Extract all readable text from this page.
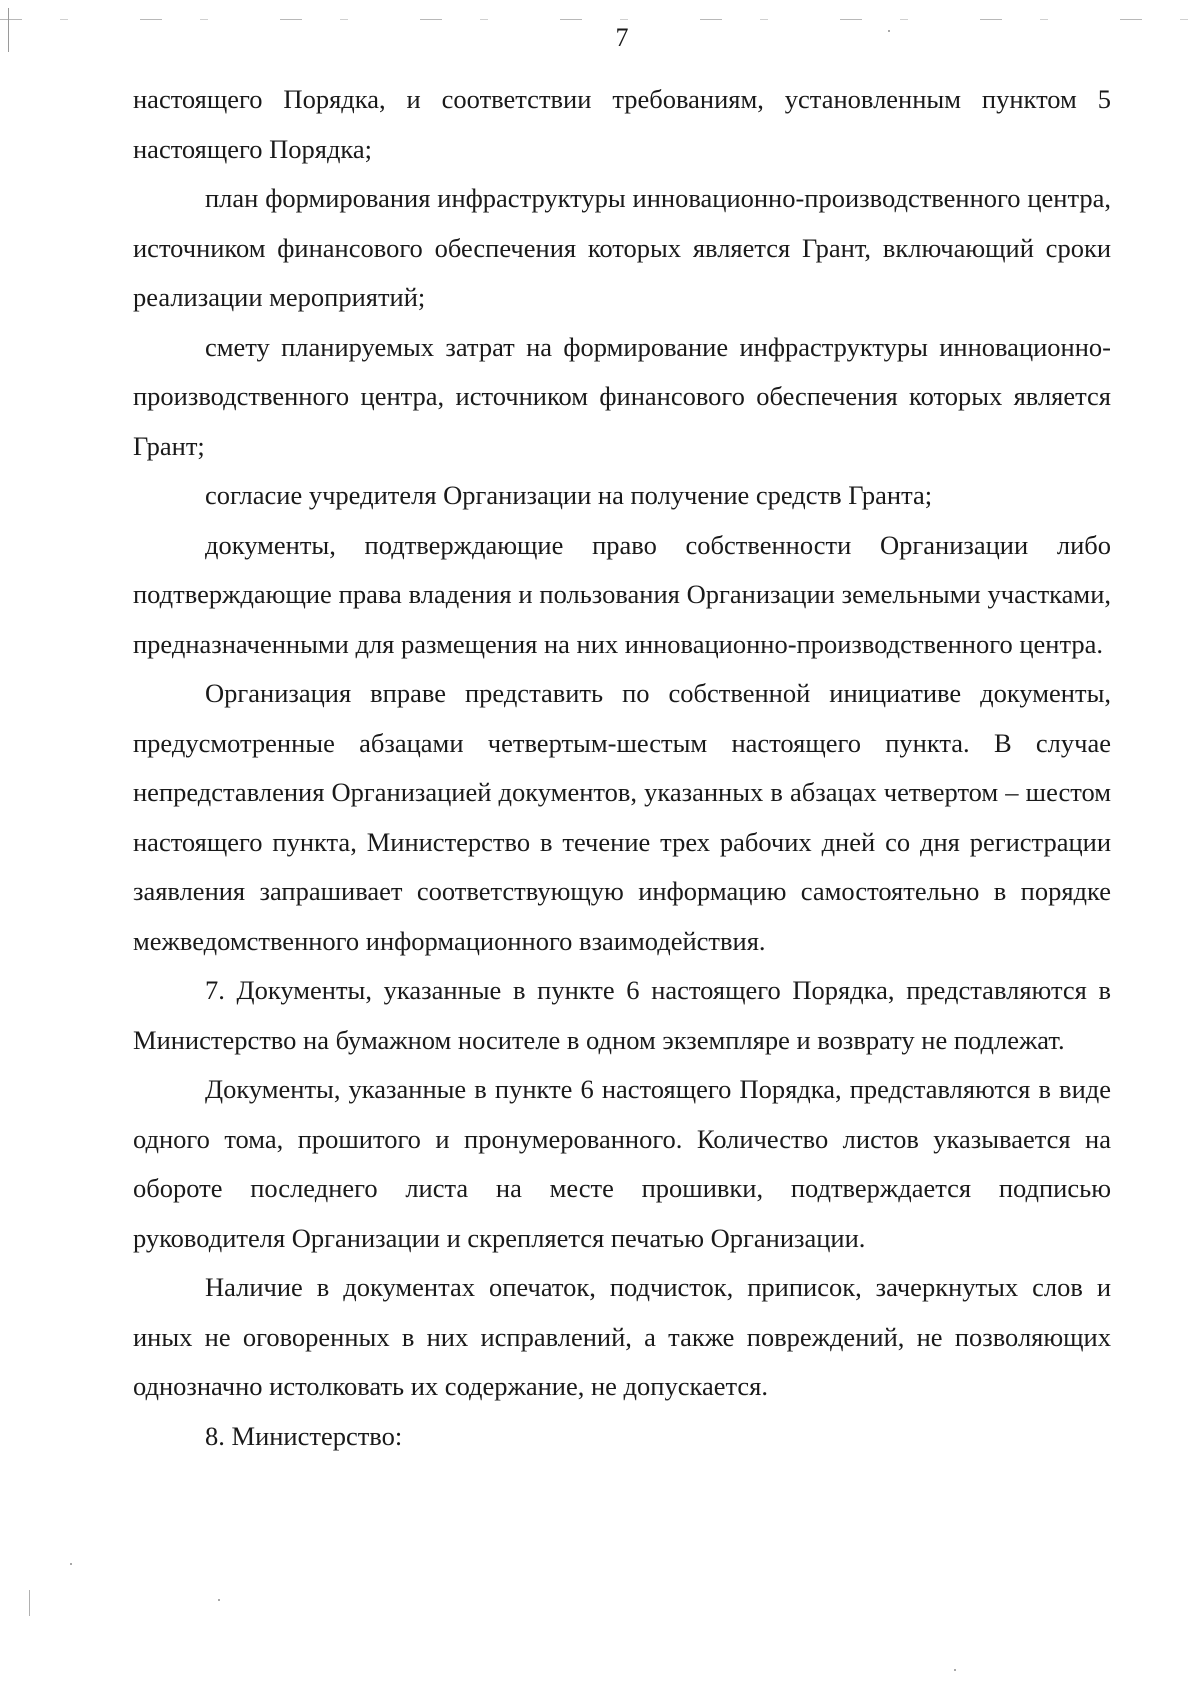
7

настоящего Порядка, и соответствии требованиям, установленным пунктом 5 настоящего Порядка;

план формирования инфраструктуры инновационно-производственного центра, источником финансового обеспечения которых является Грант, включающий сроки реализации мероприятий;

смету планируемых затрат на формирование инфраструктуры инновационно-производственного центра, источником финансового обеспечения которых является Грант;

согласие учредителя Организации на получение средств Гранта;

документы, подтверждающие право собственности Организации либо подтверждающие права владения и пользования Организации земельными участками, предназначенными для размещения на них инновационно-производственного центра.

Организация вправе представить по собственной инициативе документы, предусмотренные абзацами четвертым-шестым настоящего пункта. В случае непредставления Организацией документов, указанных в абзацах четвертом – шестом настоящего пункта, Министерство в течение трех рабочих дней со дня регистрации заявления запрашивает соответствующую информацию самостоятельно в порядке межведомственного информационного взаимодействия.

7. Документы, указанные в пункте 6 настоящего Порядка, представляются в Министерство на бумажном носителе в одном экземпляре и возврату не подлежат.

Документы, указанные в пункте 6 настоящего Порядка, представляются в виде одного тома, прошитого и пронумерованного. Количество листов указывается на обороте последнего листа на месте прошивки, подтверждается подписью руководителя Организации и скрепляется печатью Организации.

Наличие в документах опечаток, подчисток, приписок, зачеркнутых слов и иных не оговоренных в них исправлений, а также повреждений, не позволяющих однозначно истолковать их содержание, не допускается.

8. Министерство:
